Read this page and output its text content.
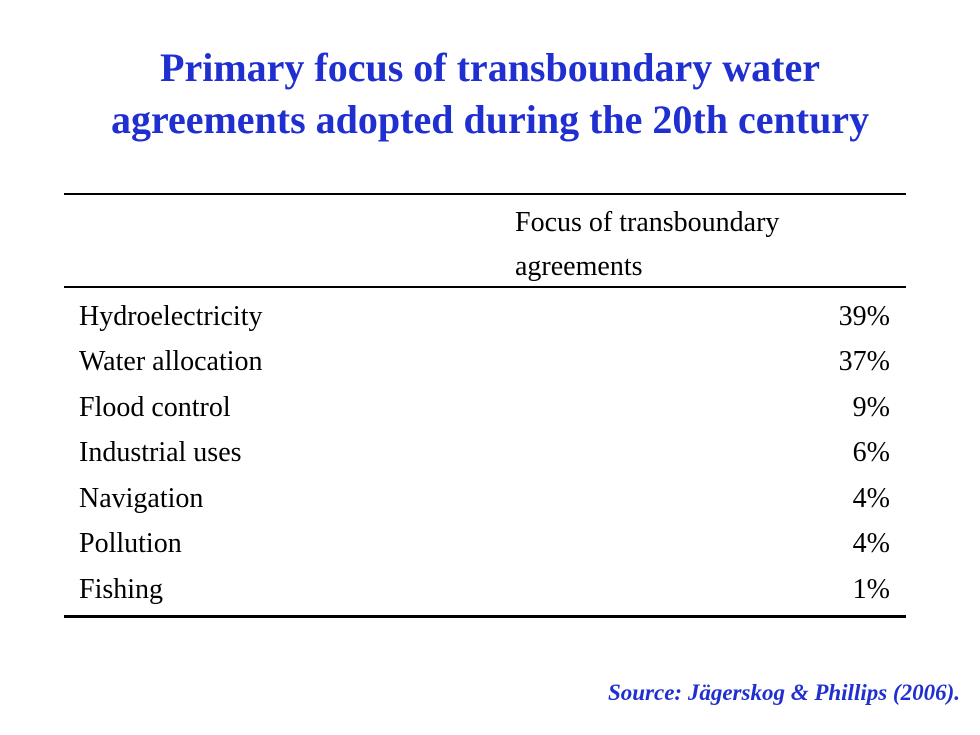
Primary focus of transboundary water
agreements adopted during the 20th century
Focus of transboundary
agreements
Hydroelectricity	39%
Water allocation	37%
Flood control	9%
Industrial uses	6%
Navigation	4%
Pollution	4%
Fishing	1%
Source: Jägerskog & Phillips (2006).
